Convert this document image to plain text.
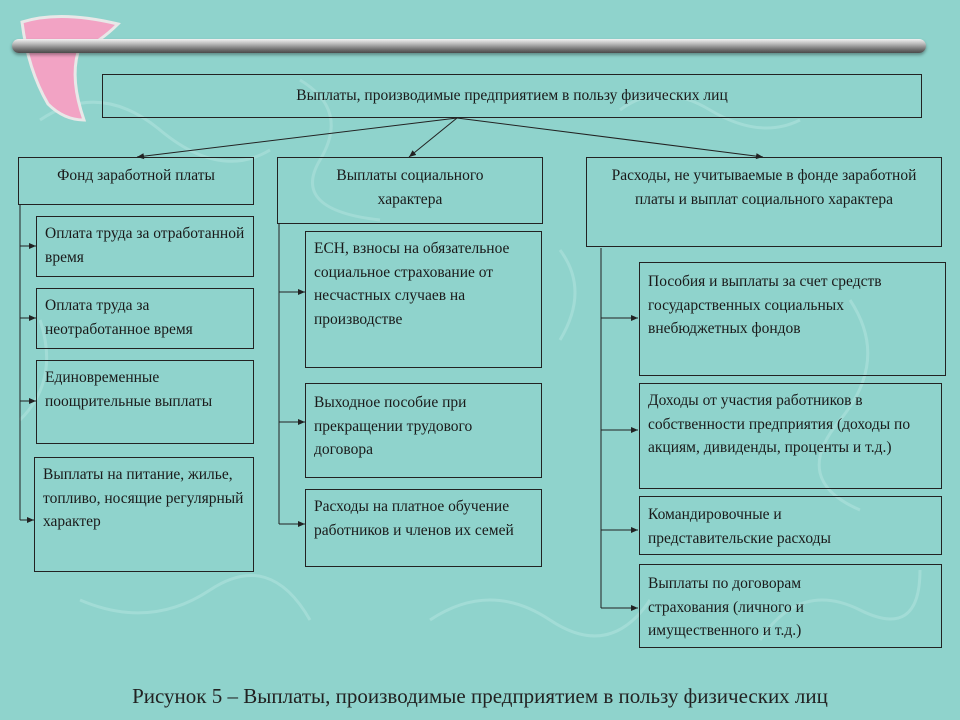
Выплаты, производимые предприятием в пользу физических лиц
Фонд заработной платы
Оплата труда за отработанной время
Оплата труда за неотработанное время
Единовременные поощрительные выплаты
Выплаты на питание, жилье, топливо, носящие регулярный характер
Выплаты социального характера
ЕСН, взносы на обязательное социальное страхование от несчастных случаев на производстве
Выходное пособие при прекращении трудового договора
Расходы на платное обучение работников и членов их семей
Расходы, не учитываемые в фонде заработной платы и выплат социального характера
Пособия и выплаты за счет средств государственных социальных внебюджетных фондов
Доходы от участия работников в собственности предприятия (доходы по акциям, дивиденды, проценты и т.д.)
Командировочные и представительские расходы
Выплаты по договорам страхования (личного и имущественного и т.д.)
Рисунок 5 – Выплаты, производимые предприятием в пользу физических лиц
